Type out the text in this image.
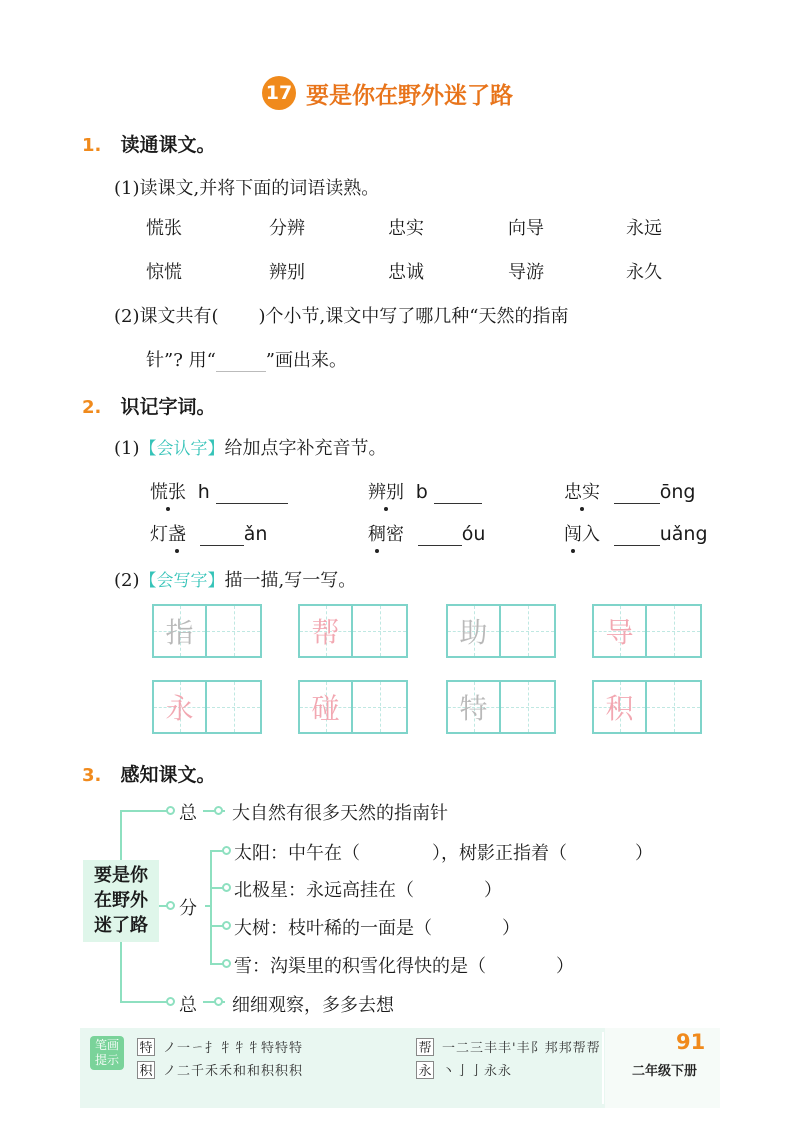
17 要是你在野外迷了路
1. 读通课文。
(1)读课文,并将下面的词语读熟。
慌张	分辨	忠实	向导	永远
惊慌	辨别	忠诚	导游	永久
(2)课文共有( )个小节,课文中写了哪几种“天然的指南
针”? 用“	”画出来。
2. 识记字词。
(1)【会认字】给加点字补充音节。
慌张 h	辨别 b	忠实	ōng
灯盏	ǎn	稠密	óu	闯入	uǎng
(2)【会写字】描一描,写一写。
指	帮	助	导
永	碰	特	积
3. 感知课文。
要是你
在野外
迷了路
总 大自然有很多天然的指南针
分
太阳：中午在（	），树影正指着（	）
北极星：永远高挂在（	）
大树：枝叶稀的一面是（	）
雪：沟渠里的积雪化得快的是（	）
总 细细观察，多多去想
笔画
提示
特 ノ一ㄧ扌牜牜牜特特特
积 ノ二千禾禾和和积积积
帮 一二三丰丰'丰阝邦邦帮帮
永 丶亅亅永永
91
二年级下册
